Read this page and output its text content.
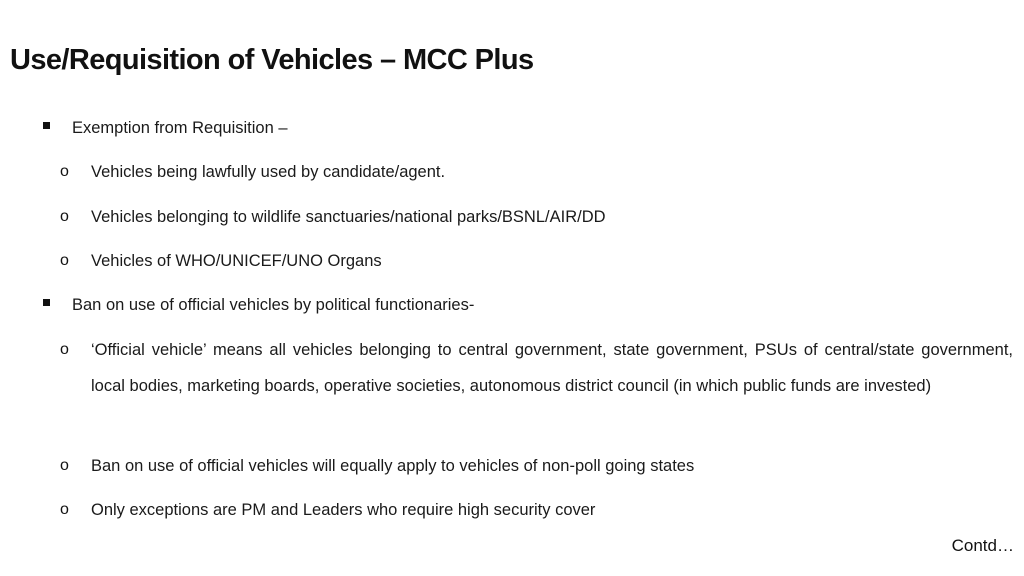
Use/Requisition of Vehicles – MCC Plus
Exemption from Requisition –
o	Vehicles being lawfully used by candidate/agent.
o	Vehicles belonging to wildlife sanctuaries/national parks/BSNL/AIR/DD
o	Vehicles of WHO/UNICEF/UNO Organs
Ban on use of official vehicles by political functionaries-
o	‘Official vehicle’ means all vehicles belonging to central government, state government, PSUs of central/state government, local bodies, marketing boards, operative societies, autonomous district council (in which public funds are invested)
o	Ban on use of official vehicles will equally apply to vehicles of non-poll going states
o	Only exceptions are PM and Leaders who require high security cover
Contd…
